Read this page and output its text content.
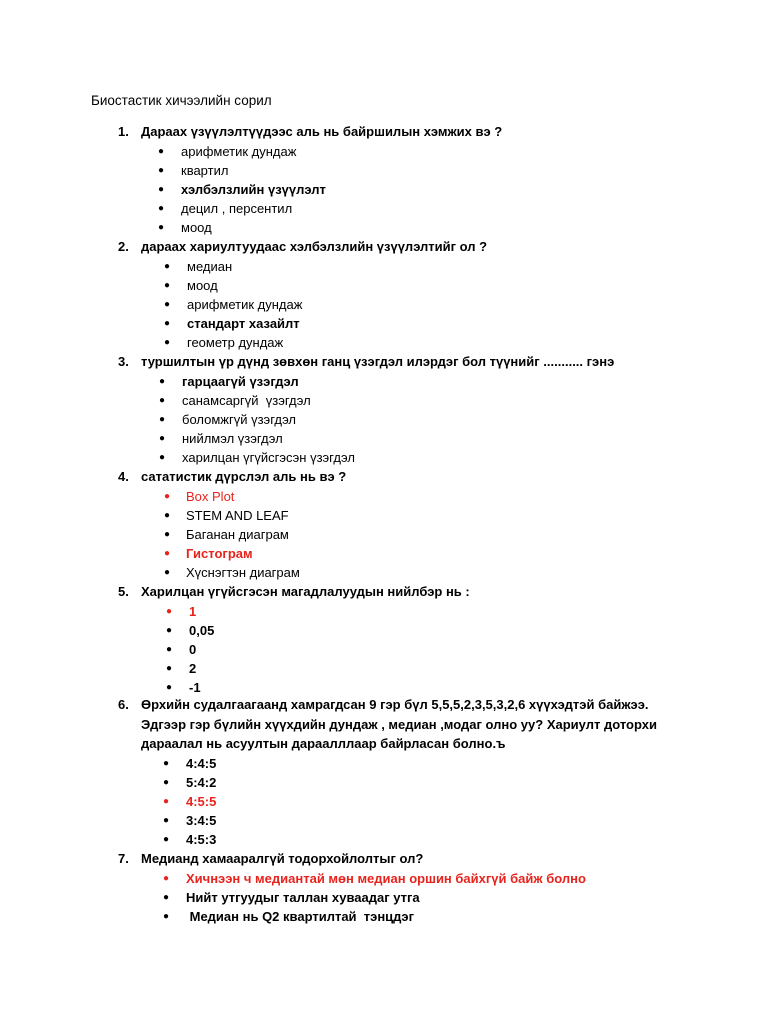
Биостастик хичээлийн сорил
1. Дараах үзүүлэлтүүдээс аль нь байршилын хэмжих вэ ?
● арифметик дундаж
● квартил
● хэлбэлзлийн үзүүлэлт
● децил , персентил
● моод
2. дараах хариултуудаас хэлбэлзлийн үзүүлэлтийг ол ?
● медиан
● моод
● арифметик дундаж
● стандарт хазайлт
● геометр дундаж
3. туршилтын үр дүнд зөвхөн ганц үзэгдэл илэрдэг бол түүнийг ........... гэнэ
● гарцаагүй үзэгдэл
● санамсаргүй  үзэгдэл
● боломжгүй үзэгдэл
● нийлмэл үзэгдэл
● харилцан үгүйсгэсэн үзэгдэл
4. сататистик дүрслэл аль нь вэ ?
● Box Plot
● STEM AND LEAF
● Баганан диаграм
● Гистограм
● Хүснэгтэн диаграм
5. Харилцан үгүйсгэсэн магадлалуудын нийлбэр нь :
● 1
● 0,05
● 0
● 2
● -1
6. Өрхийн судалгаагаанд хамрагдсан 9 гэр бүл 5,5,5,2,3,5,3,2,6 хүүхэдтэй байжээ. Эдгээр гэр бүлийн хүүхдийн дундаж , медиан ,модаг олно уу? Хариулт доторхи дараалал нь асуултын дараалллаар байрласан болно.ъ
● 4:4:5
● 5:4:2
● 4:5:5
● 3:4:5
● 4:5:3
7. Медианд хамааралгүй тодорхойлолтыг ол?
● Хичнээн ч медиантай мөн медиан оршин байхгүй байж болно
● Нийт утгуудыг таллан хуваадаг утга
● Медиан нь Q2 квартилтай  тэнцдэг
